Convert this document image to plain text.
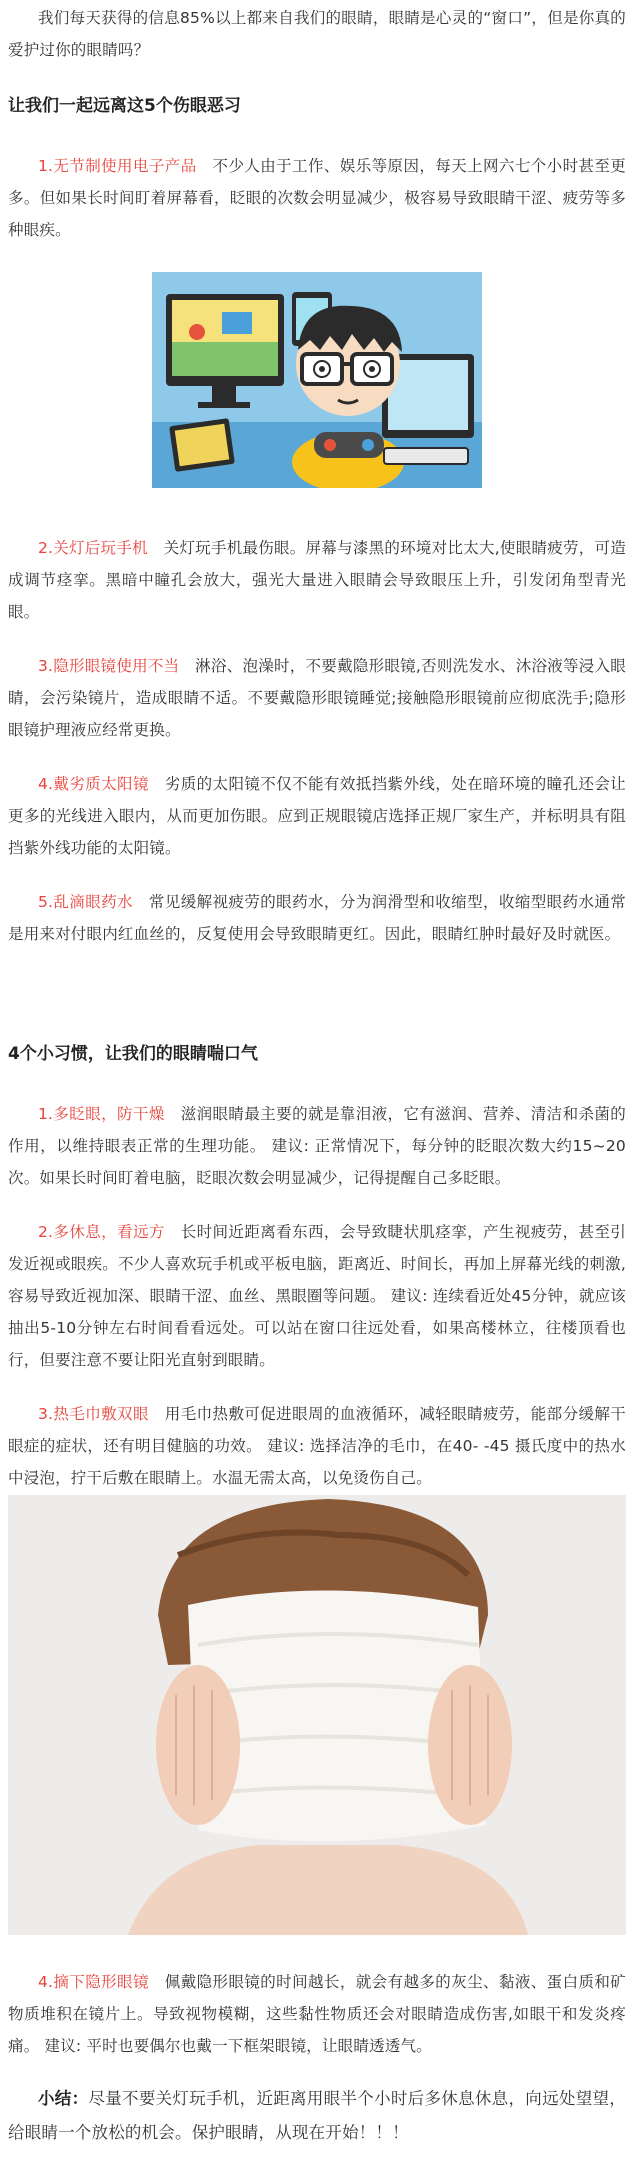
我们每天获得的信息85%以上都来自我们的眼睛，眼睛是心灵的“窗口”，但是你真的爱护过你的眼睛吗？

让我们一起远离这5个伤眼恶习

1.无节制使用电子产品　 不少人由于工作、娱乐等原因，每天上网六七个小时甚至更多。但如果长时间盯着屏幕看，眨眼的次数会明显减少，极容易导致眼睛干涩、疲劳等多种眼疾。

2.关灯后玩手机　 关灯玩手机最伤眼。屏幕与漆黑的环境对比太大,使眼睛疲劳，可造成调节痉挛。黑暗中瞳孔会放大，强光大量进入眼睛会导致眼压上升，引发闭角型青光眼。

3.隐形眼镜使用不当　 淋浴、泡澡时，不要戴隐形眼镜,否则洗发水、沐浴液等浸入眼睛，会污染镜片，造成眼睛不适。不要戴隐形眼镜睡觉;接触隐形眼镜前应彻底洗手;隐形眼镜护理液应经常更换。

4.戴劣质太阳镜　 劣质的太阳镜不仅不能有效抵挡紫外线，处在暗环境的瞳孔还会让更多的光线进入眼内，从而更加伤眼。应到正规眼镜店选择正规厂家生产，并标明具有阻挡紫外线功能的太阳镜。

5.乱滴眼药水　 常见缓解视疲劳的眼药水，分为润滑型和收缩型，收缩型眼药水通常是用来对付眼内红血丝的，反复使用会导致眼睛更红。因此，眼睛红肿时最好及时就医。

4个小习惯，让我们的眼睛喘口气

1.多眨眼，防干燥　 滋润眼睛最主要的就是靠泪液，它有滋润、营养、清洁和杀菌的作用，以维持眼表正常的生理功能。 建议: 正常情况下，每分钟的眨眼次数大约15~20次。如果长时间盯着电脑，眨眼次数会明显减少，记得提醒自己多眨眼。

2.多休息，看远方　 长时间近距离看东西，会导致睫状肌痉挛，产生视疲劳，甚至引发近视或眼疾。不少人喜欢玩手机或平板电脑，距离近、时间长，再加上屏幕光线的刺激,容易导致近视加深、眼睛干涩、血丝、黑眼圈等问题。 建议: 连续看近处45分钟，就应该抽出5-10分钟左右时间看看远处。可以站在窗口往远处看，如果高楼林立，往楼顶看也行，但要注意不要让阳光直射到眼睛。

3.热毛巾敷双眼　 用毛巾热敷可促进眼周的血液循环，减轻眼睛疲劳，能部分缓解干眼症的症状，还有明目健脑的功效。 建议: 选择洁净的毛巾，在40- -45 摄氏度中的热水中浸泡，拧干后敷在眼睛上。水温无需太高，以免烫伤自己。

4.摘下隐形眼镜　 佩戴隐形眼镜的时间越长，就会有越多的灰尘、黏液、蛋白质和矿物质堆积在镜片上。导致视物模糊，这些黏性物质还会对眼睛造成伤害,如眼干和发炎疼痛。 建议: 平时也要偶尔也戴一下框架眼镜，让眼睛透透气。

小结：尽量不要关灯玩手机，近距离用眼半个小时后多休息休息，向远处望望，给眼睛一个放松的机会。保护眼睛，从现在开始！！！
